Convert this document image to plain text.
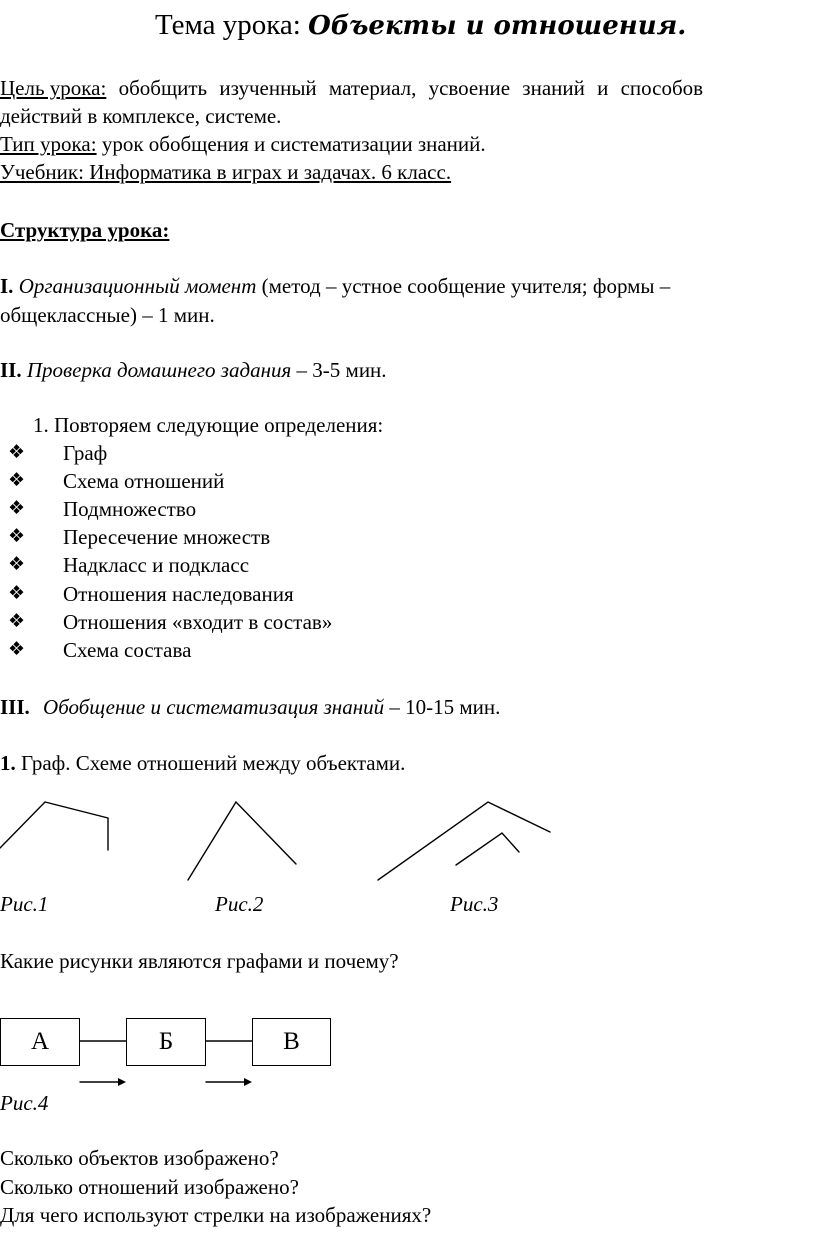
Тема урока: Объекты и отношения.
Цель урока: обобщить изученный материал, усвоение знаний и способов
действий в комплексе, системе.
Тип урока: урок обобщения и систематизации знаний.
Учебник: Информатика в играх и задачах. 6 класс.
Структура урока:
I. Организационный момент (метод – устное сообщение учителя; формы –
общеклассные) – 1 мин.
II. Проверка домашнего задания – 3-5 мин.
1. Повторяем следующие определения:
❖ Граф
❖ Схема отношений
❖ Подмножество
❖ Пересечение множеств
❖ Надкласс и подкласс
❖ Отношения наследования
❖ Отношения «входит в состав»
❖ Схема состава
III. Обобщение и систематизация знаний – 10-15 мин.
1. Граф. Схеме отношений между объектами.
Рис.1	Рис.2	Рис.3
Какие рисунки являются графами и почему?
А	Б	В
Рис.4
Сколько объектов изображено?
Сколько отношений изображено?
Для чего используют стрелки на изображениях?
